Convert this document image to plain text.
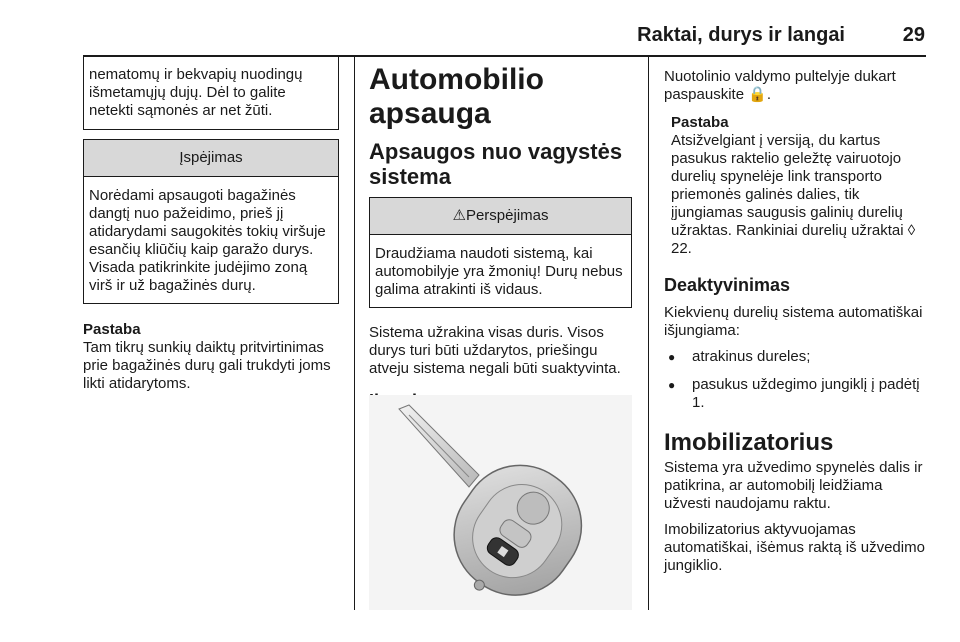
Raktai, durys ir langai	29
nematomų ir bekvapių nuodingų išmetamųjų dujų. Dėl to galite netekti sąmonės ar net žūti.
Įspėjimas
Norėdami apsaugoti bagažinės dangtį nuo pažeidimo, prieš jį atidarydami saugokitės tokių viršuje esančių kliūčių kaip garažo durys. Visada patikrinkite judėjimo zoną virš ir už bagažinės durų.
Pastaba

Tam tikrų sunkių daiktų pritvirtinimas prie bagažinės durų gali trukdyti joms likti atidarytoms.

Automobilio apsauga
Apsaugos nuo vagystės sistema
⚠Perspėjimas
Draudžiama naudoti sistemą, kai automobilyje yra žmonių! Durų nebus galima atrakinti iš vidaus.

Sistema užrakina visas duris. Visos durys turi būti uždarytos, priešingu atveju sistema negali būti suaktyvinta.

Nuotolinio valdymo pultelyje dukart paspauskite 🔒.

Pastaba

Atsižvelgiant į versiją, du kartus pasukus raktelio geležtę vairuotojo durelių spynelėje link transporto priemonės galinės dalies, tik įjungiamas saugusis galinių durelių užraktas. Rankiniai durelių užraktai ◊ 22.

Deaktyvinimas

Kiekvienų durelių sistema automatiškai išjungiama:

● atrakinus dureles;
● pasukus uždegimo jungiklį į padėtį 1.
Imobilizatorius

Sistema yra užvedimo spynelės dalis ir patikrina, ar automobilį leidžiama užvesti naudojamu raktu.

Imobilizatorius aktyvuojamas automatiškai, išėmus raktą iš užvedimo jungiklio.
